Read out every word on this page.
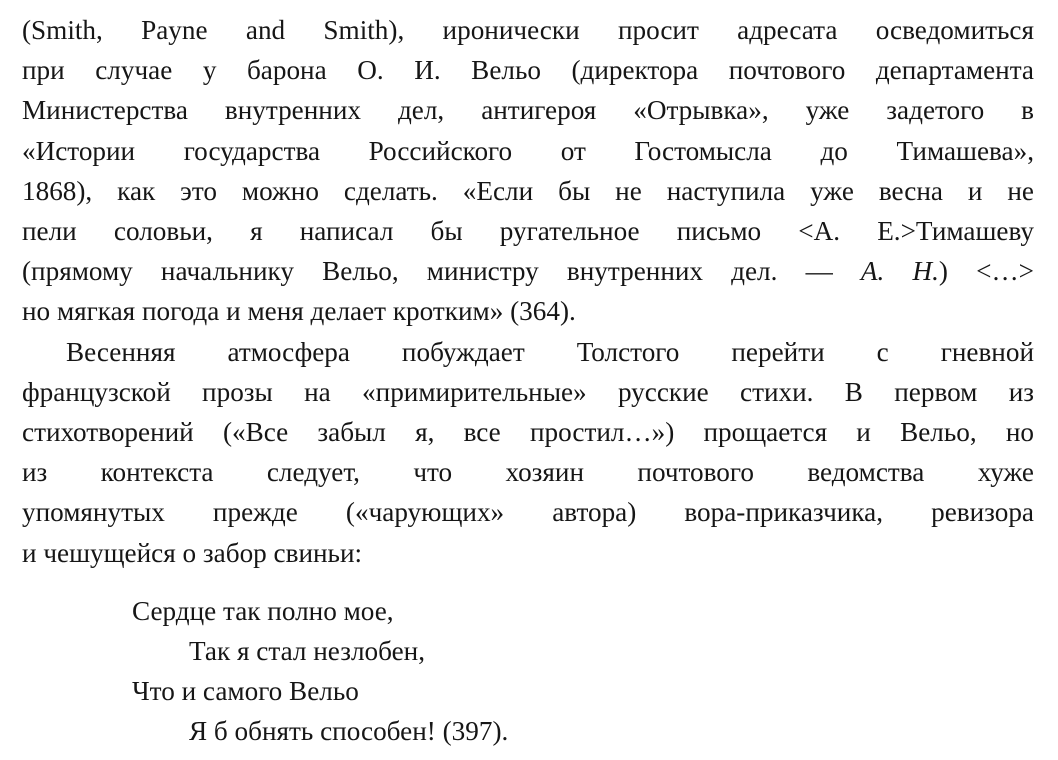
(Smith, Payne and Smith), иронически просит адресата осведомиться
при случае у барона О. И. Вельо (директора почтового департамента
Министерства внутренних дел, антигероя «Отрывка», уже задетого в
«Истории государства Российского от Гостомысла до Тимашева»,
1868), как это можно сделать. «Если бы не наступила уже весна и не
пели соловьи, я написал бы ругательное письмо <А. Е.>Тимашеву
(прямому начальнику Вельо, министру внутренних дел. — А. Н.) <…>
но мягкая погода и меня делает кротким» (364).
Весенняя атмосфера побуждает Толстого перейти с гневной
французской прозы на «примирительные» русские стихи. В первом из
стихотворений («Все забыл я, все простил…») прощается и Вельо, но
из контекста следует, что хозяин почтового ведомства хуже
упомянутых прежде («чарующих» автора) вора-приказчика, ревизора
и чешущейся о забор свиньи:
Сердце так полно мое,
Так я стал незлобен,
Что и самого Вельо
Я б обнять способен! (397).
